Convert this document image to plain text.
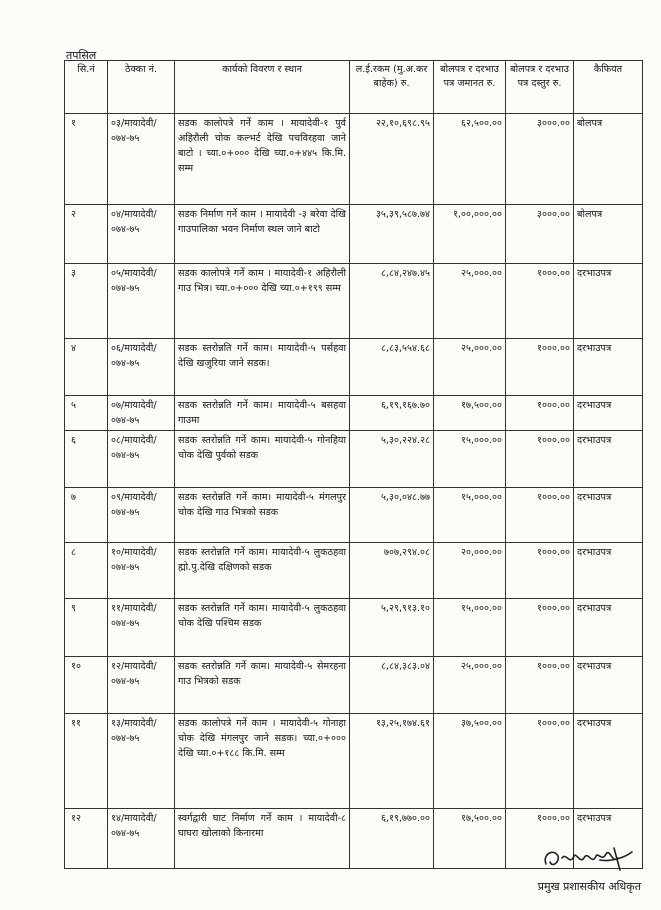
तपसिल
सि.नं	ठेक्का नं.	कार्यको विवरण र स्थान	ल.ई.रकम (मु.अ.कर बाहेक) रु.	बोलपत्र र दरभाउ पत्र जमानत रु.	बोलपत्र र दरभाउ पत्र दस्तुर रु.	कैफियत
१	०३/मायादेवी/ ०७४-७५	सडक कालोपत्रे गर्ने काम । मायादेवी-१ पुर्व अहिरौली चोक कल्भर्ट देखि पचविरहवा जाने बाटो । च्या.०+००० देखि च्या.०+४४५ कि.मि. सम्म	२२,१०,६९८.९५	६२,५००.००	३०००.००	बोलपत्र
२	०४/मायादेवी/ ०७४-७५	सडक निर्माण गर्ने काम । मायादेवी -३ बरेवा देखि गाउपालिका भवन निर्माण स्थल जाने बाटो	३५,३९,५८७.७४	१,००,०००.००	३०००.००	बोलपत्र
३	०५/मायादेवी/ ०७४-७५	सडक कालोपत्रे गर्ने काम । मायादेवी-१ अहिरौली गाउ भित्र। च्या.०+००० देखि च्या.०+१९९ सम्म	८,८४,२४७.४५	२५,०००.००	१०००.००	दरभाउपत्र
४	०६/मायादेवी/ ०७४-७५	सडक स्तरोन्नति गर्ने काम। मायादेवी-५ पर्सहवा देखि खजुरिया जाने सडक।	८,८३,५५४.६८	२५,०००.००	१०००.००	दरभाउपत्र
५	०७/मायादेवी/ ०७४-७५	सडक स्तरोन्नति गर्ने काम। मायादेवी-५ बसहवा गाउमा	६,१९,१६७.७०	१७,५००.००	१०००.००	दरभाउपत्र
६	०८/मायादेवी/ ०७४-७५	सडक स्तरोन्नति गर्ने काम। मायादेवी-५ गोनहिया चोक देखि पुर्वको सडक	५,३०,२२४.२८	१५,०००.००	१०००.००	दरभाउपत्र
७	०९/मायादेवी/ ०७४-७५	सडक स्तरोन्नति गर्ने काम। मायादेवी-५ मंगलपुर चोक देखि गाउ भित्रको सडक	५,३०,०४८.७७	१५,०००.००	१०००.००	दरभाउपत्र
८	१०/मायादेवी/ ०७४-७५	सडक स्तरोन्नति गर्ने काम। मायादेवी-५ लुकठहवा ह्मो.पु.देखि दक्षिणको सडक	७०७,२९४.०८	२०,०००.००	१०००.००	दरभाउपत्र
९	११/मायादेवी/ ०७४-७५	सडक स्तरोन्नति गर्ने काम। मायादेवी-५ लुकठहवा चोक देखि पश्चिम सडक	५,२९,९१३.१०	१५,०००.००	१०००.००	दरभाउपत्र
१०	१२/मायादेवी/ ०७४-७५	सडक स्तरोन्नति गर्ने काम। मायादेवी-५ सेमरहना गाउ भित्रको सडक	८,८४,३८३.०४	२५,०००.००	१०००.००	दरभाउपत्र
११	१३/मायादेवी/ ०७४-७५	सडक कालोपत्रे गर्ने काम । मायादेवी-५ गोनाहा चोक देखि मंगलपुर जाने सडक। च्या.०+००० देखि च्या.०+१८८ कि.मि. सम्म	१३,२५,१७४.६१	३७,५००.००	१०००.००	दरभाउपत्र
१२	१४/मायादेवी/ ०७४-७५	स्वर्गद्वारी घाट निर्माण गर्ने काम । मायादेवी-८ घाघरा खोलाको किनारमा	६,१९,७७०.००	१७,५००.००	१०००.००	दरभाउपत्र
प्रमुख प्रशासकीय अधिकृत
